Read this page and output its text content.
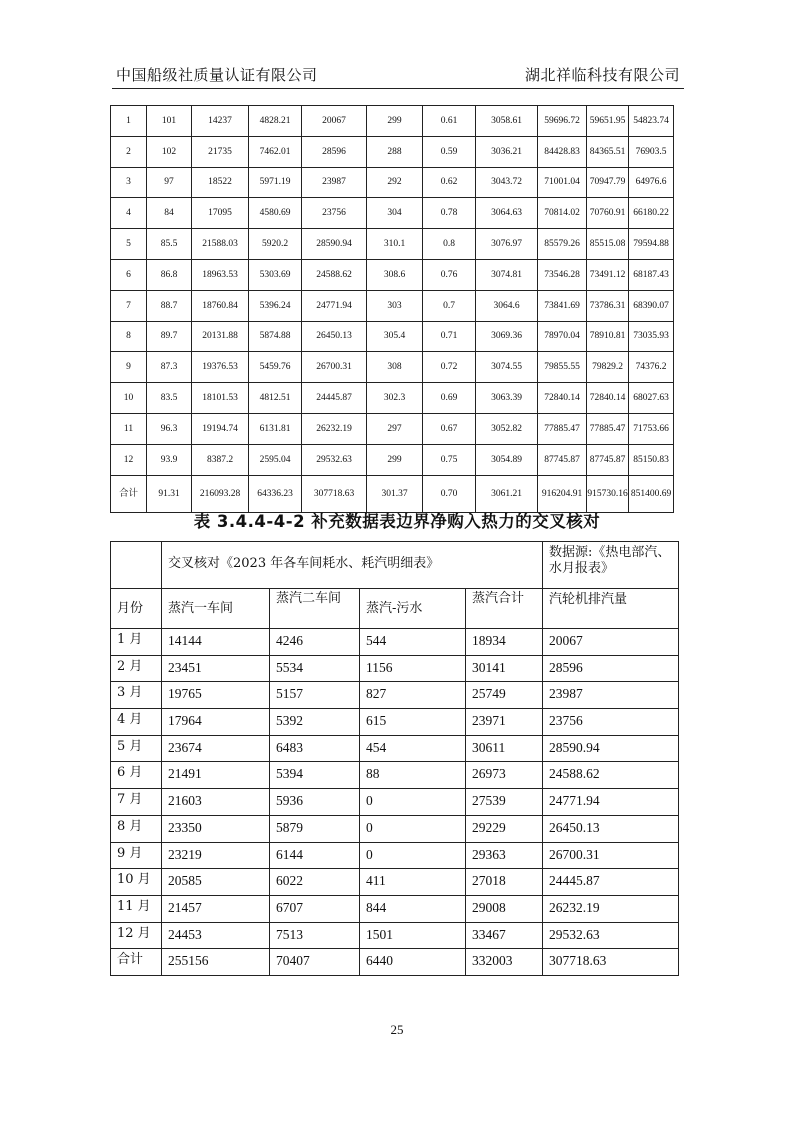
中国船级社质量认证有限公司	湖北祥临科技有限公司
1	101	14237	4828.21	20067	299	0.61	3058.61	59696.72	59651.95	54823.74
2	102	21735	7462.01	28596	288	0.59	3036.21	84428.83	84365.51	76903.5
3	97	18522	5971.19	23987	292	0.62	3043.72	71001.04	70947.79	64976.6
4	84	17095	4580.69	23756	304	0.78	3064.63	70814.02	70760.91	66180.22
5	85.5	21588.03	5920.2	28590.94	310.1	0.8	3076.97	85579.26	85515.08	79594.88
6	86.8	18963.53	5303.69	24588.62	308.6	0.76	3074.81	73546.28	73491.12	68187.43
7	88.7	18760.84	5396.24	24771.94	303	0.7	3064.6	73841.69	73786.31	68390.07
8	89.7	20131.88	5874.88	26450.13	305.4	0.71	3069.36	78970.04	78910.81	73035.93
9	87.3	19376.53	5459.76	26700.31	308	0.72	3074.55	79855.55	79829.2	74376.2
10	83.5	18101.53	4812.51	24445.87	302.3	0.69	3063.39	72840.14	72840.14	68027.63
11	96.3	19194.74	6131.81	26232.19	297	0.67	3052.82	77885.47	77885.47	71753.66
12	93.9	8387.2	2595.04	29532.63	299	0.75	3054.89	87745.87	87745.87	85150.83
合计	91.31	216093.28	64336.23	307718.63	301.37	0.70	3061.21	916204.91	915730.16	851400.69
表 3.4.4-4-2 补充数据表边界净购入热力的交叉核对
	交叉核对《2023 年各车间耗水、耗汽明细表》				数据源:《热电部汽、水月报表》
月份	蒸汽一车间	蒸汽二车间	蒸汽-污水	蒸汽合计	汽轮机排汽量
1 月	14144	4246	544	18934	20067
2 月	23451	5534	1156	30141	28596
3 月	19765	5157	827	25749	23987
4 月	17964	5392	615	23971	23756
5 月	23674	6483	454	30611	28590.94
6 月	21491	5394	88	26973	24588.62
7 月	21603	5936	0	27539	24771.94
8 月	23350	5879	0	29229	26450.13
9 月	23219	6144	0	29363	26700.31
10 月	20585	6022	411	27018	24445.87
11 月	21457	6707	844	29008	26232.19
12 月	24453	7513	1501	33467	29532.63
合计	255156	70407	6440	332003	307718.63
25
